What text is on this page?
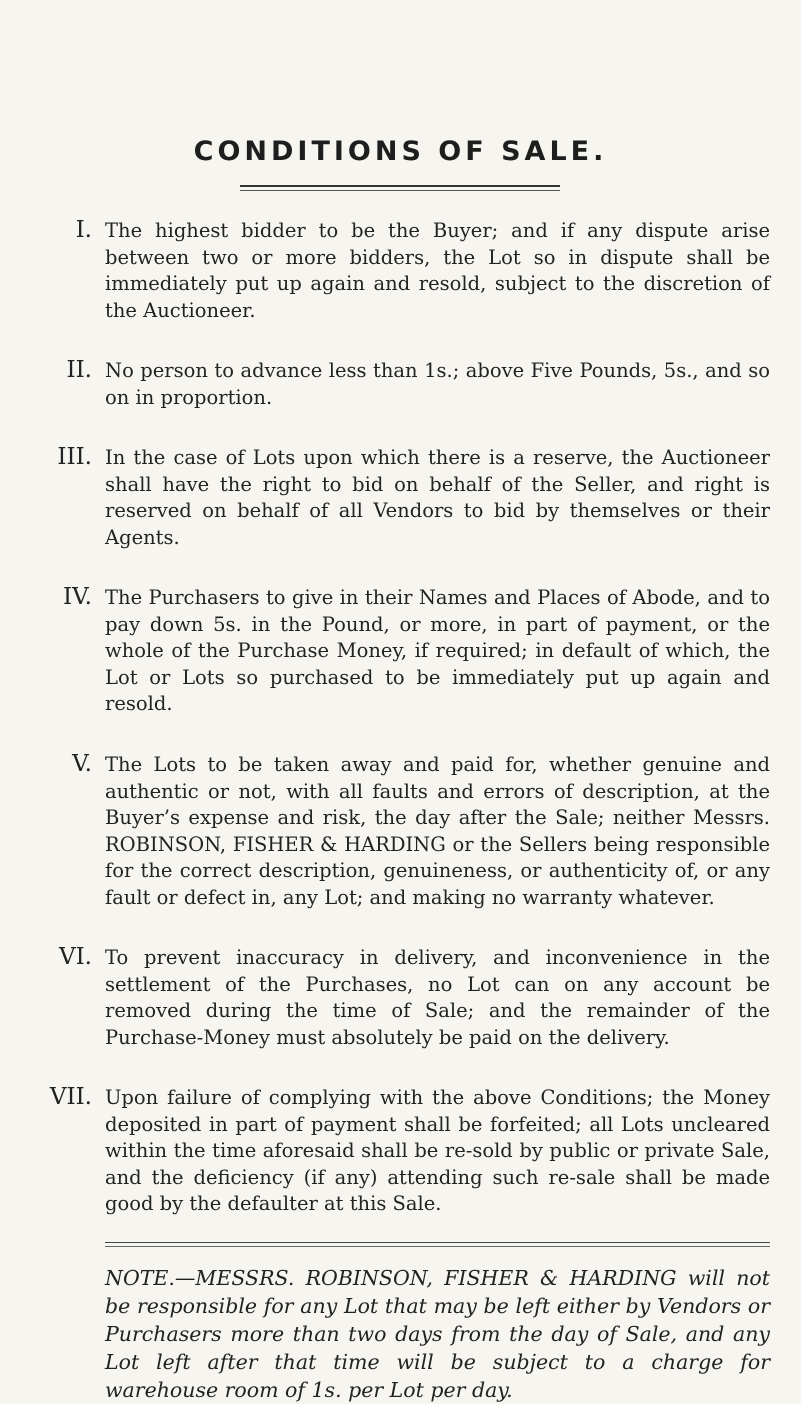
CONDITIONS OF SALE.
I. The highest bidder to be the Buyer; and if any dispute arise between two or more bidders, the Lot so in dispute shall be immediately put up again and resold, subject to the discretion of the Auctioneer.
II. No person to advance less than 1s.; above Five Pounds, 5s., and so on in proportion.
III. In the case of Lots upon which there is a reserve, the Auctioneer shall have the right to bid on behalf of the Seller, and right is reserved on behalf of all Vendors to bid by themselves or their Agents.
IV. The Purchasers to give in their Names and Places of Abode, and to pay down 5s. in the Pound, or more, in part of payment, or the whole of the Purchase Money, if required; in default of which, the Lot or Lots so purchased to be immediately put up again and resold.
V. The Lots to be taken away and paid for, whether genuine and authentic or not, with all faults and errors of description, at the Buyer’s expense and risk, the day after the Sale; neither Messrs. ROBINSON, FISHER & HARDING or the Sellers being responsible for the correct description, genuineness, or authenticity of, or any fault or defect in, any Lot; and making no warranty whatever.
VI. To prevent inaccuracy in delivery, and inconvenience in the settlement of the Purchases, no Lot can on any account be removed during the time of Sale; and the remainder of the Purchase-Money must absolutely be paid on the delivery.
VII. Upon failure of complying with the above Conditions; the Money deposited in part of payment shall be forfeited; all Lots uncleared within the time aforesaid shall be re-sold by public or private Sale, and the deficiency (if any) attending such re-sale shall be made good by the defaulter at this Sale.
NOTE.—MESSRS. ROBINSON, FISHER & HARDING will not be responsible for any Lot that may be left either by Vendors or Purchasers more than two days from the day of Sale, and any Lot left after that time will be subject to a charge for warehouse room of 1s. per Lot per day.
